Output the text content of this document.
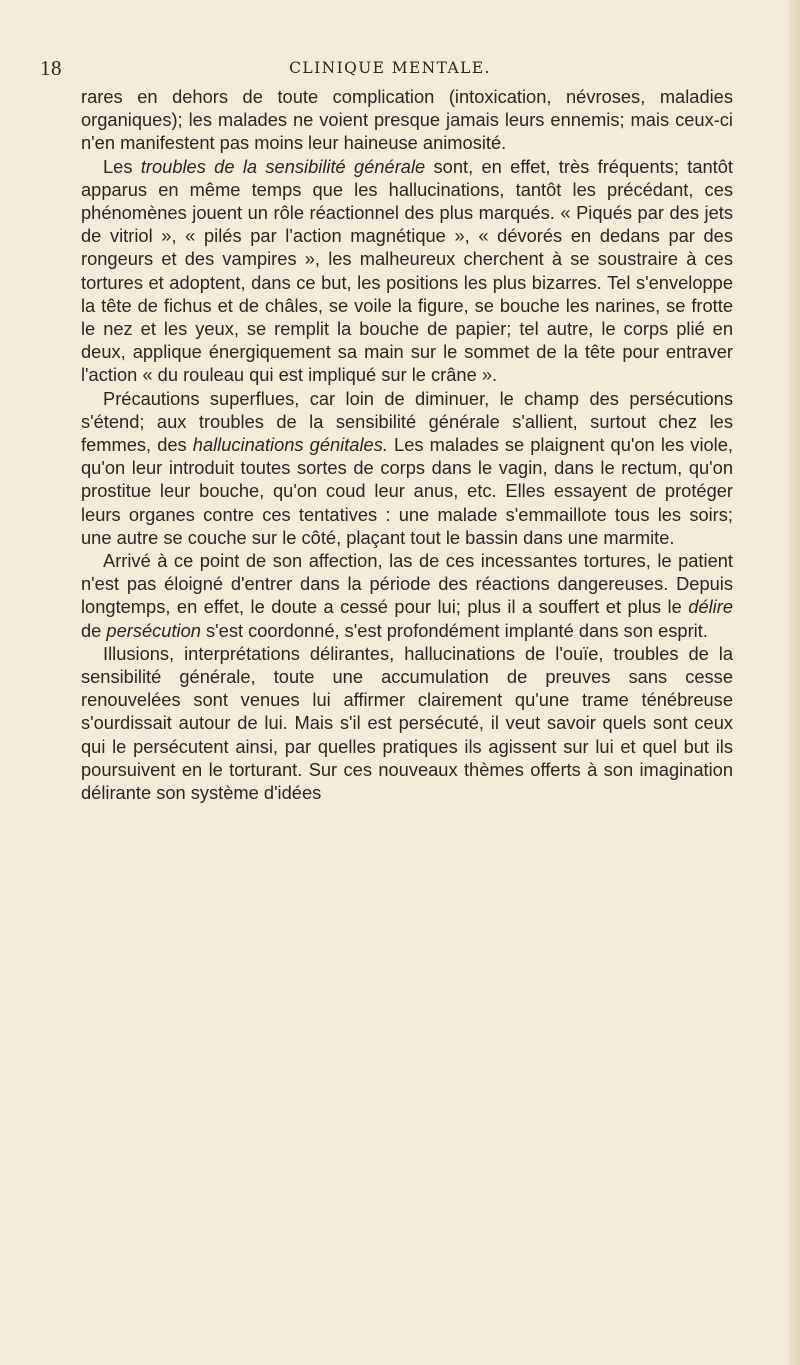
18	CLINIQUE MENTALE.

rares en dehors de toute complication (intoxication, névroses, maladies organiques); les malades ne voient presque jamais leurs ennemis; mais ceux-ci n'en manifestent pas moins leur haineuse animosité.

Les troubles de la sensibilité générale sont, en effet, très fréquents; tantôt apparus en même temps que les hallucinations, tantôt les précédant, ces phénomènes jouent un rôle réactionnel des plus marqués. « Piqués par des jets de vitriol », « pilés par l'action magnétique », « dévorés en dedans par des rongeurs et des vampires », les malheureux cherchent à se soustraire à ces tortures et adoptent, dans ce but, les positions les plus bizarres. Tel s'enveloppe la tête de fichus et de châles, se voile la figure, se bouche les narines, se frotte le nez et les yeux, se remplit la bouche de papier; tel autre, le corps plié en deux, applique énergiquement sa main sur le sommet de la tête pour entraver l'action « du rouleau qui est impliqué sur le crâne ».

Précautions superflues, car loin de diminuer, le champ des persécutions s'étend; aux troubles de la sensibilité générale s'allient, surtout chez les femmes, des hallucinations génitales. Les malades se plaignent qu'on les viole, qu'on leur introduit toutes sortes de corps dans le vagin, dans le rectum, qu'on prostitue leur bouche, qu'on coud leur anus, etc. Elles essayent de protéger leurs organes contre ces tentatives : une malade s'emmaillote tous les soirs; une autre se couche sur le côté, plaçant tout le bassin dans une marmite.

Arrivé à ce point de son affection, las de ces incessantes tortures, le patient n'est pas éloigné d'entrer dans la période des réactions dangereuses. Depuis longtemps, en effet, le doute a cessé pour lui; plus il a souffert et plus le délire de persécution s'est coordonné, s'est profondément implanté dans son esprit.

Illusions, interprétations délirantes, hallucinations de l'ouïe, troubles de la sensibilité générale, toute une accumulation de preuves sans cesse renouvelées sont venues lui affirmer clairement qu'une trame ténébreuse s'ourdissait autour de lui. Mais s'il est persécuté, il veut savoir quels sont ceux qui le persécutent ainsi, par quelles pratiques ils agissent sur lui et quel but ils poursuivent en le torturant. Sur ces nouveaux thèmes offerts à son imagination délirante son système d'idées
